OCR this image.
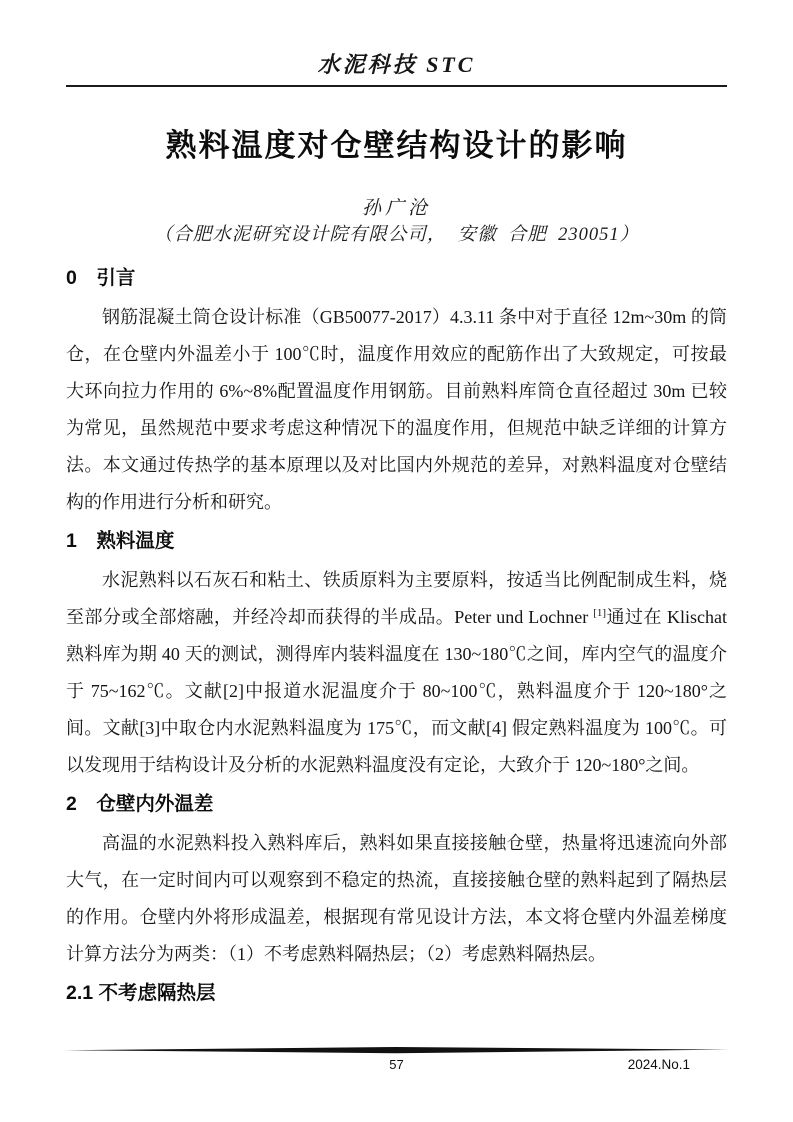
水泥科技 STC
熟料温度对仓壁结构设计的影响
孙广沧
（合肥水泥研究设计院有限公司，  安徽  合肥  230051）
0　引言

钢筋混凝土筒仓设计标准（GB50077-2017）4.3.11 条中对于直径 12m~30m 的筒仓，在仓壁内外温差小于 100℃时，温度作用效应的配筋作出了大致规定，可按最大环向拉力作用的 6%~8%配置温度作用钢筋。目前熟料库筒仓直径超过 30m 已较为常见，虽然规范中要求考虑这种情况下的温度作用，但规范中缺乏详细的计算方法。本文通过传热学的基本原理以及对比国内外规范的差异，对熟料温度对仓壁结构的作用进行分析和研究。

1　熟料温度

水泥熟料以石灰石和粘土、铁质原料为主要原料，按适当比例配制成生料，烧至部分或全部熔融，并经冷却而获得的半成品。Peter und Lochner [1]通过在 Klischat 熟料库为期 40 天的测试，测得库内装料温度在 130~180℃之间，库内空气的温度介于 75~162℃。文献[2]中报道水泥温度介于 80~100℃，熟料温度介于 120~180°之间。文献[3]中取仓内水泥熟料温度为 175℃，而文献[4] 假定熟料温度为 100℃。可以发现用于结构设计及分析的水泥熟料温度没有定论，大致介于 120~180°之间。

2　仓壁内外温差

高温的水泥熟料投入熟料库后，熟料如果直接接触仓壁，热量将迅速流向外部大气，在一定时间内可以观察到不稳定的热流，直接接触仓壁的熟料起到了隔热层的作用。仓壁内外将形成温差，根据现有常见设计方法，本文将仓壁内外温差梯度计算方法分为两类：（1）不考虑熟料隔热层；（2）考虑熟料隔热层。

2.1 不考虑隔热层
57	2024.No.1
